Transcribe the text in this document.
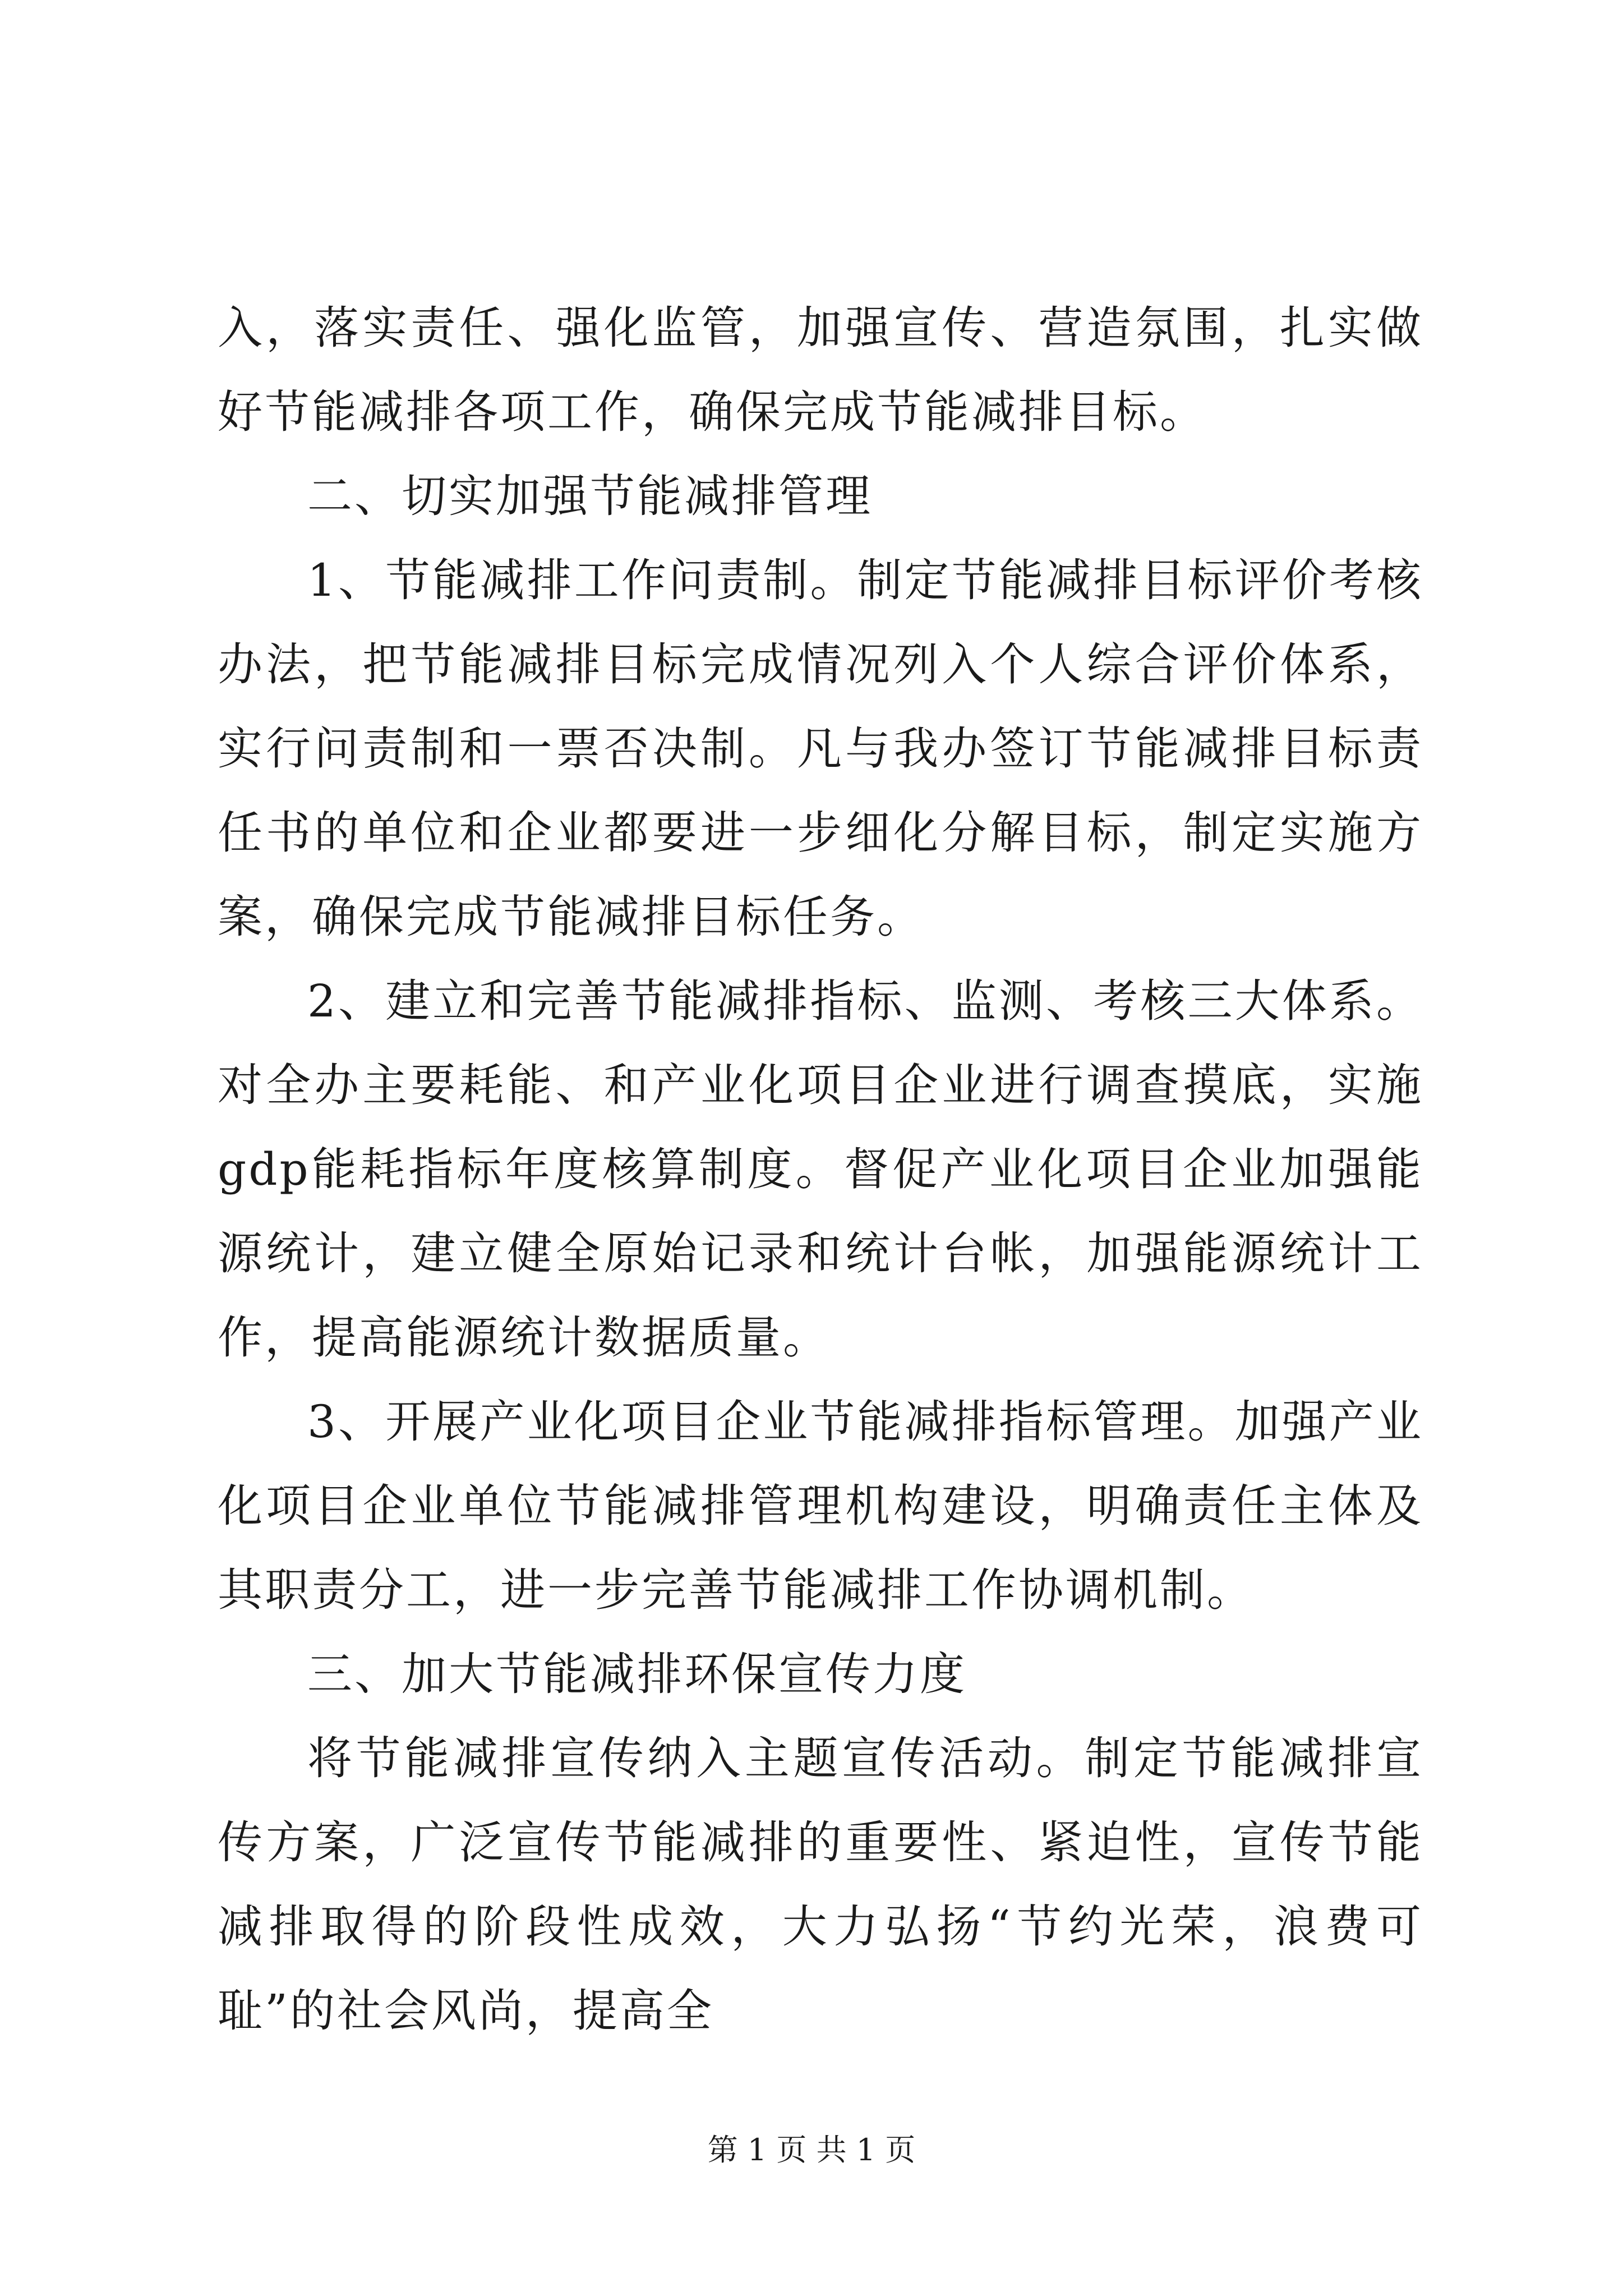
入，落实责任、强化监管，加强宣传、营造氛围，扎实做好节能减排各项工作，确保完成节能减排目标。

二、切实加强节能减排管理

1、节能减排工作问责制。制定节能减排目标评价考核办法，把节能减排目标完成情况列入个人综合评价体系，实行问责制和一票否决制。凡与我办签订节能减排目标责任书的单位和企业都要进一步细化分解目标，制定实施方案，确保完成节能减排目标任务。

2、建立和完善节能减排指标、监测、考核三大体系。对全办主要耗能、和产业化项目企业进行调查摸底，实施gdp能耗指标年度核算制度。督促产业化项目企业加强能源统计，建立健全原始记录和统计台帐，加强能源统计工作，提高能源统计数据质量。

3、开展产业化项目企业节能减排指标管理。加强产业化项目企业单位节能减排管理机构建设，明确责任主体及其职责分工，进一步完善节能减排工作协调机制。

三、加大节能减排环保宣传力度

将节能减排宣传纳入主题宣传活动。制定节能减排宣传方案，广泛宣传节能减排的重要性、紧迫性，宣传节能减排取得的阶段性成效，大力弘扬“节约光荣，浪费可耻”的社会风尚，提高全

第 1 页 共 1 页
